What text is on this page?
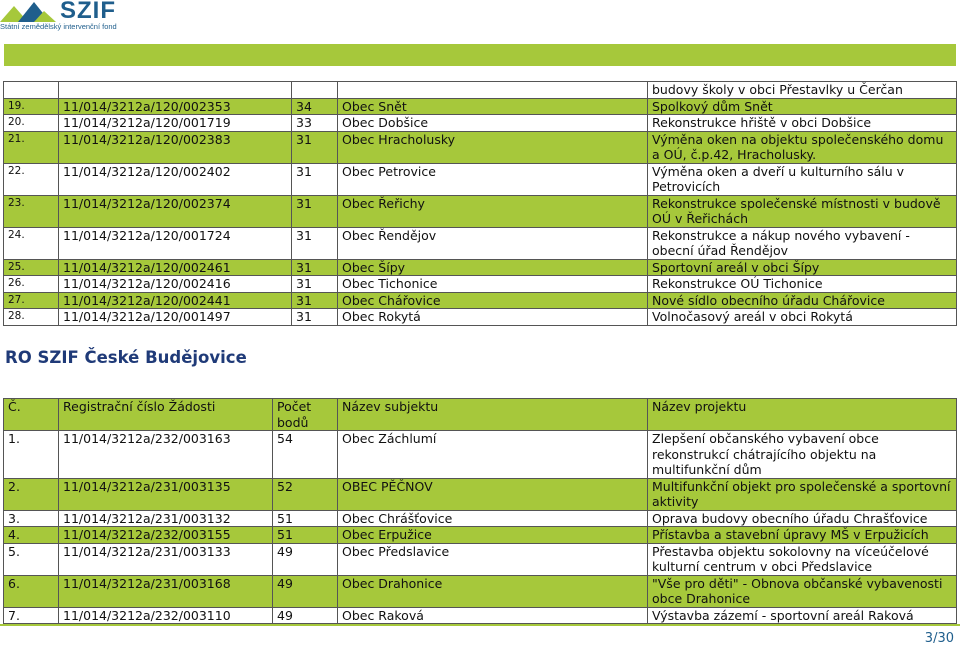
SZIF
Státní zemědělský intervenční fond
				budovy školy v obci Přestavlky u Čerčan
19.	11/014/3212a/120/002353	34	Obec Snět	Spolkový dům Snět
20.	11/014/3212a/120/001719	33	Obec Dobšice	Rekonstrukce hřiště v obci Dobšice
21.	11/014/3212a/120/002383	31	Obec Hracholusky	Výměna oken na objektu společenského domu a OÚ, č.p.42, Hracholusky.
22.	11/014/3212a/120/002402	31	Obec Petrovice	Výměna oken a dveří u kulturního sálu v Petrovicích
23.	11/014/3212a/120/002374	31	Obec Řeřichy	Rekonstrukce společenské místnosti v budově OÚ v Řeřichách
24.	11/014/3212a/120/001724	31	Obec Řendějov	Rekonstrukce a nákup nového vybavení - obecní úřad Řendějov
25.	11/014/3212a/120/002461	31	Obec Šípy	Sportovní areál v obci Šípy
26.	11/014/3212a/120/002416	31	Obec Tichonice	Rekonstrukce OÚ Tichonice
27.	11/014/3212a/120/002441	31	Obec Chářovice	Nové sídlo obecního úřadu Chářovice
28.	11/014/3212a/120/001497	31	Obec Rokytá	Volnočasový areál v obci Rokytá
RO SZIF České Budějovice
Č.	Registrační číslo Žádosti	Počet bodů	Název subjektu	Název projektu
1.	11/014/3212a/232/003163	54	Obec Záchlumí	Zlepšení občanského vybavení obce rekonstrukcí chátrajícího objektu na multifunkční dům
2.	11/014/3212a/231/003135	52	OBEC PĚČNOV	Multifunkční objekt pro společenské a sportovní aktivity
3.	11/014/3212a/231/003132	51	Obec Chrášťovice	Oprava budovy obecního úřadu Chrašťovice
4.	11/014/3212a/232/003155	51	Obec Erpužice	Přístavba a stavební úpravy MŠ v Erpužicích
5.	11/014/3212a/231/003133	49	Obec Předslavice	Přestavba objektu sokolovny na víceúčelové kulturní centrum v obci Předslavice
6.	11/014/3212a/231/003168	49	Obec Drahonice	"Vše pro děti" - Obnova občanské vybavenosti obce Drahonice
7.	11/014/3212a/232/003110	49	Obec Raková	Výstavba zázemí - sportovní areál Raková
3/30
